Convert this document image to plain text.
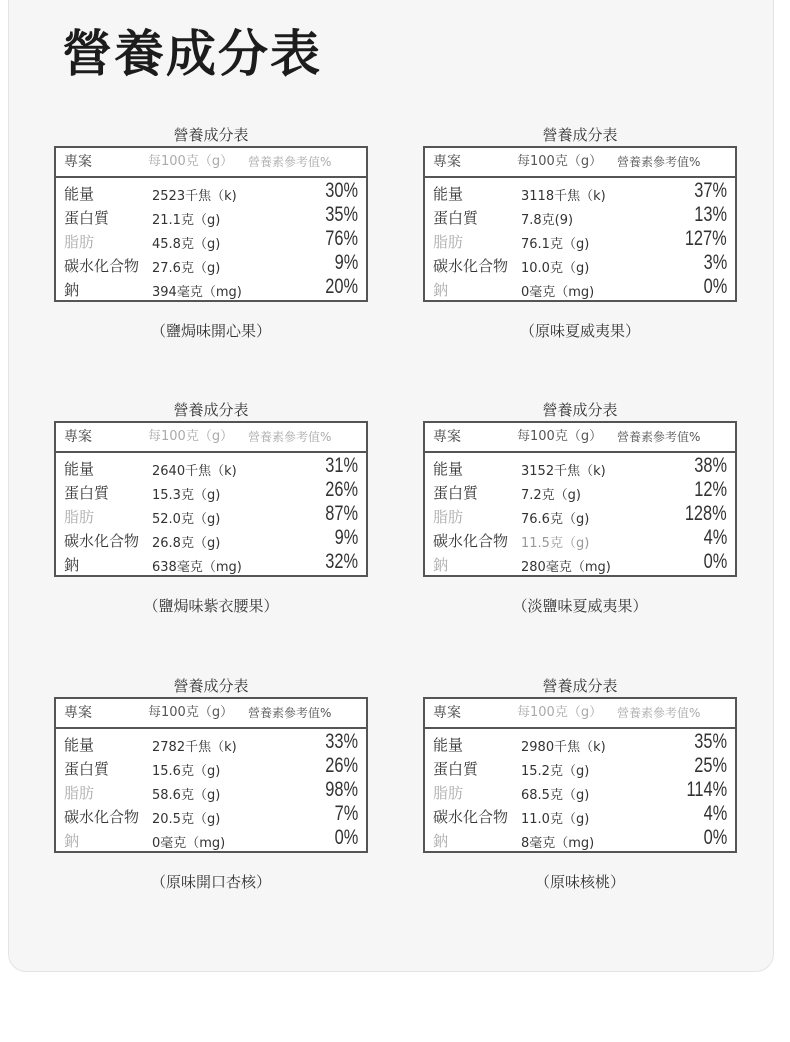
營養成分表
營養成分表
專案	每100克（g） 營養素參考值%
能量	2523千焦（k)	30%
蛋白質	21.1克（g)	35%
脂肪	45.8克（g)	76%
碳水化合物 27.6克（g)	9%
鈉	394毫克（mg)	20%
（鹽焗味開心果）
營養成分表
專案	每100克（g） 營養素參考值%
能量	3118千焦（k)	37%
蛋白質	7.8克(9)	13%
脂肪	76.1克（g)	127%
碳水化合物 10.0克（g)	3%
鈉	0毫克（mg)	0%
（原味夏威夷果）
營養成分表
專案	每100克（g） 營養素參考值%
能量	2640千焦（k)	31%
蛋白質	15.3克（g)	26%
脂肪	52.0克（g)	87%
碳水化合物 26.8克（g)	9%
鈉	638毫克（mg)	32%
（鹽焗味紫衣腰果）
營養成分表
專案	每100克（g） 營養素參考值%
能量	3152千焦（k)	38%
蛋白質	7.2克（g)	12%
脂肪	76.6克（g)	128%
碳水化合物 11.5克（g)	4%
鈉	280毫克（mg)	0%
（淡鹽味夏威夷果）
營養成分表
專案	每100克（g） 營養素參考值%
能量	2782千焦（k)	33%
蛋白質	15.6克（g)	26%
脂肪	58.6克（g)	98%
碳水化合物 20.5克（g)	7%
鈉	0毫克（mg)	0%
（原味開口杏核）
營養成分表
專案	每100克（g） 營養素參考值%
能量	2980千焦（k)	35%
蛋白質	15.2克（g)	25%
脂肪	68.5克（g)	114%
碳水化合物 11.0克（g)	4%
鈉	8毫克（mg)	0%
（原味核桃）
